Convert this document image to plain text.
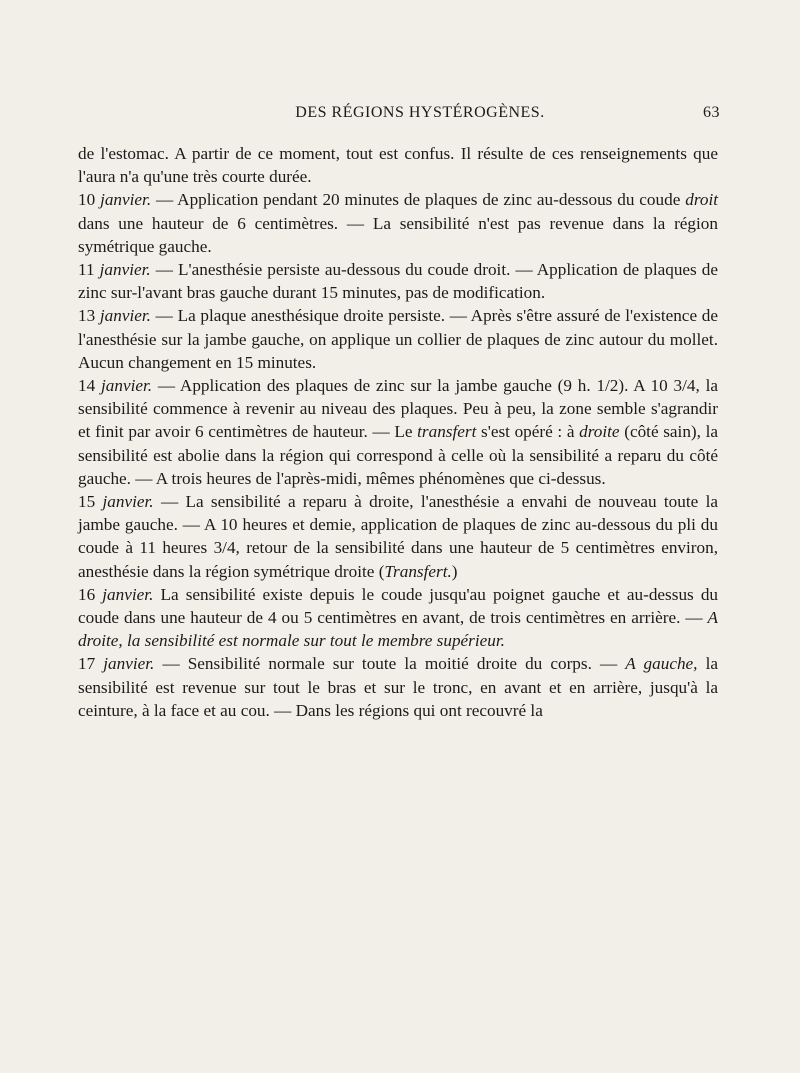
DES RÉGIONS HYSTÉROGÈNES.	63

de l'estomac. A partir de ce moment, tout est confus. Il résulte de ces renseignements que l'aura n'a qu'une très courte durée.

10 janvier. — Application pendant 20 minutes de plaques de zinc au-dessous du coude droit dans une hauteur de 6 centimètres. — La sensibilité n'est pas revenue dans la région symétrique gauche.

11 janvier. — L'anesthésie persiste au-dessous du coude droit. — Application de plaques de zinc sur-l'avant bras gauche durant 15 minutes, pas de modification.

13 janvier. — La plaque anesthésique droite persiste. — Après s'être assuré de l'existence de l'anesthésie sur la jambe gauche, on applique un collier de plaques de zinc autour du mollet. Aucun changement en 15 minutes.

14 janvier. — Application des plaques de zinc sur la jambe gauche (9 h. 1/2). A 10 3/4, la sensibilité commence à revenir au niveau des plaques. Peu à peu, la zone semble s'agrandir et finit par avoir 6 centimètres de hauteur. — Le transfert s'est opéré : à droite (côté sain), la sensibilité est abolie dans la région qui correspond à celle où la sensibilité a reparu du côté gauche. — A trois heures de l'après-midi, mêmes phénomènes que ci-dessus.

15 janvier. — La sensibilité a reparu à droite, l'anesthésie a envahi de nouveau toute la jambe gauche. — A 10 heures et demie, application de plaques de zinc au-dessous du pli du coude à 11 heures 3/4, retour de la sensibilité dans une hauteur de 5 centimètres environ, anesthésie dans la région symétrique droite (Transfert.)

16 janvier. La sensibilité existe depuis le coude jusqu'au poignet gauche et au-dessus du coude dans une hauteur de 4 ou 5 centimètres en avant, de trois centimètres en arrière. — A droite, la sensibilité est normale sur tout le membre supérieur.

17 janvier. — Sensibilité normale sur toute la moitié droite du corps. — A gauche, la sensibilité est revenue sur tout le bras et sur le tronc, en avant et en arrière, jusqu'à la ceinture, à la face et au cou. — Dans les régions qui ont recouvré la
